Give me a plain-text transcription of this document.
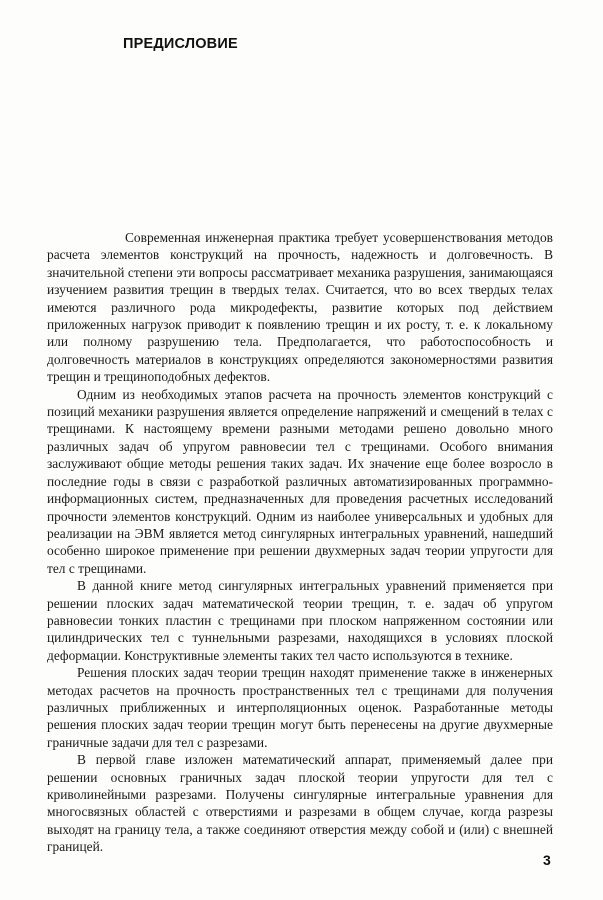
ПРЕДИСЛОВИЕ

Современная инженерная практика требует усовершенствования методов расчета элементов конструкций на прочность, надежность и долговечность. В значительной степени эти вопросы рассматривает механика разрушения, занимающаяся изучением развития трещин в твердых телах. Считается, что во всех твердых телах имеются различного рода микродефекты, развитие которых под действием приложенных нагрузок приводит к появлению трещин и их росту, т. е. к локальному или полному разрушению тела. Предполагается, что работоспособность и долговечность материалов в конструкциях определяются закономерностями развития трещин и трещиноподобных дефектов.

Одним из необходимых этапов расчета на прочность элементов конструкций с позиций механики разрушения является определение напряжений и смещений в телах с трещинами. К настоящему времени разными методами решено довольно много различных задач об упругом равновесии тел с трещинами. Особого внимания заслуживают общие методы решения таких задач. Их значение еще более возросло в последние годы в связи с разработкой различных автоматизированных программно-информационных систем, предназначенных для проведения расчетных исследований прочности элементов конструкций. Одним из наиболее универсальных и удобных для реализации на ЭВМ является метод сингулярных интегральных уравнений, нашедший особенно широкое применение при решении двухмерных задач теории упругости для тел с трещинами.

В данной книге метод сингулярных интегральных уравнений применяется при решении плоских задач математической теории трещин, т. е. задач об упругом равновесии тонких пластин с трещинами при плоском напряженном состоянии или цилиндрических тел с туннельными разрезами, находящихся в условиях плоской деформации. Конструктивные элементы таких тел часто используются в технике.

Решения плоских задач теории трещин находят применение также в инженерных методах расчетов на прочность пространственных тел с трещинами для получения различных приближенных и интерполяционных оценок. Разработанные методы решения плоских задач теории трещин могут быть перенесены на другие двухмерные граничные задачи для тел с разрезами.

В первой главе изложен математический аппарат, применяемый далее при решении основных граничных задач плоской теории упругости для тел с криволинейными разрезами. Получены сингулярные интегральные уравнения для многосвязных областей с отверстиями и разрезами в общем случае, когда разрезы выходят на границу тела, а также соединяют отверстия между собой и (или) с внешней границей.

3
